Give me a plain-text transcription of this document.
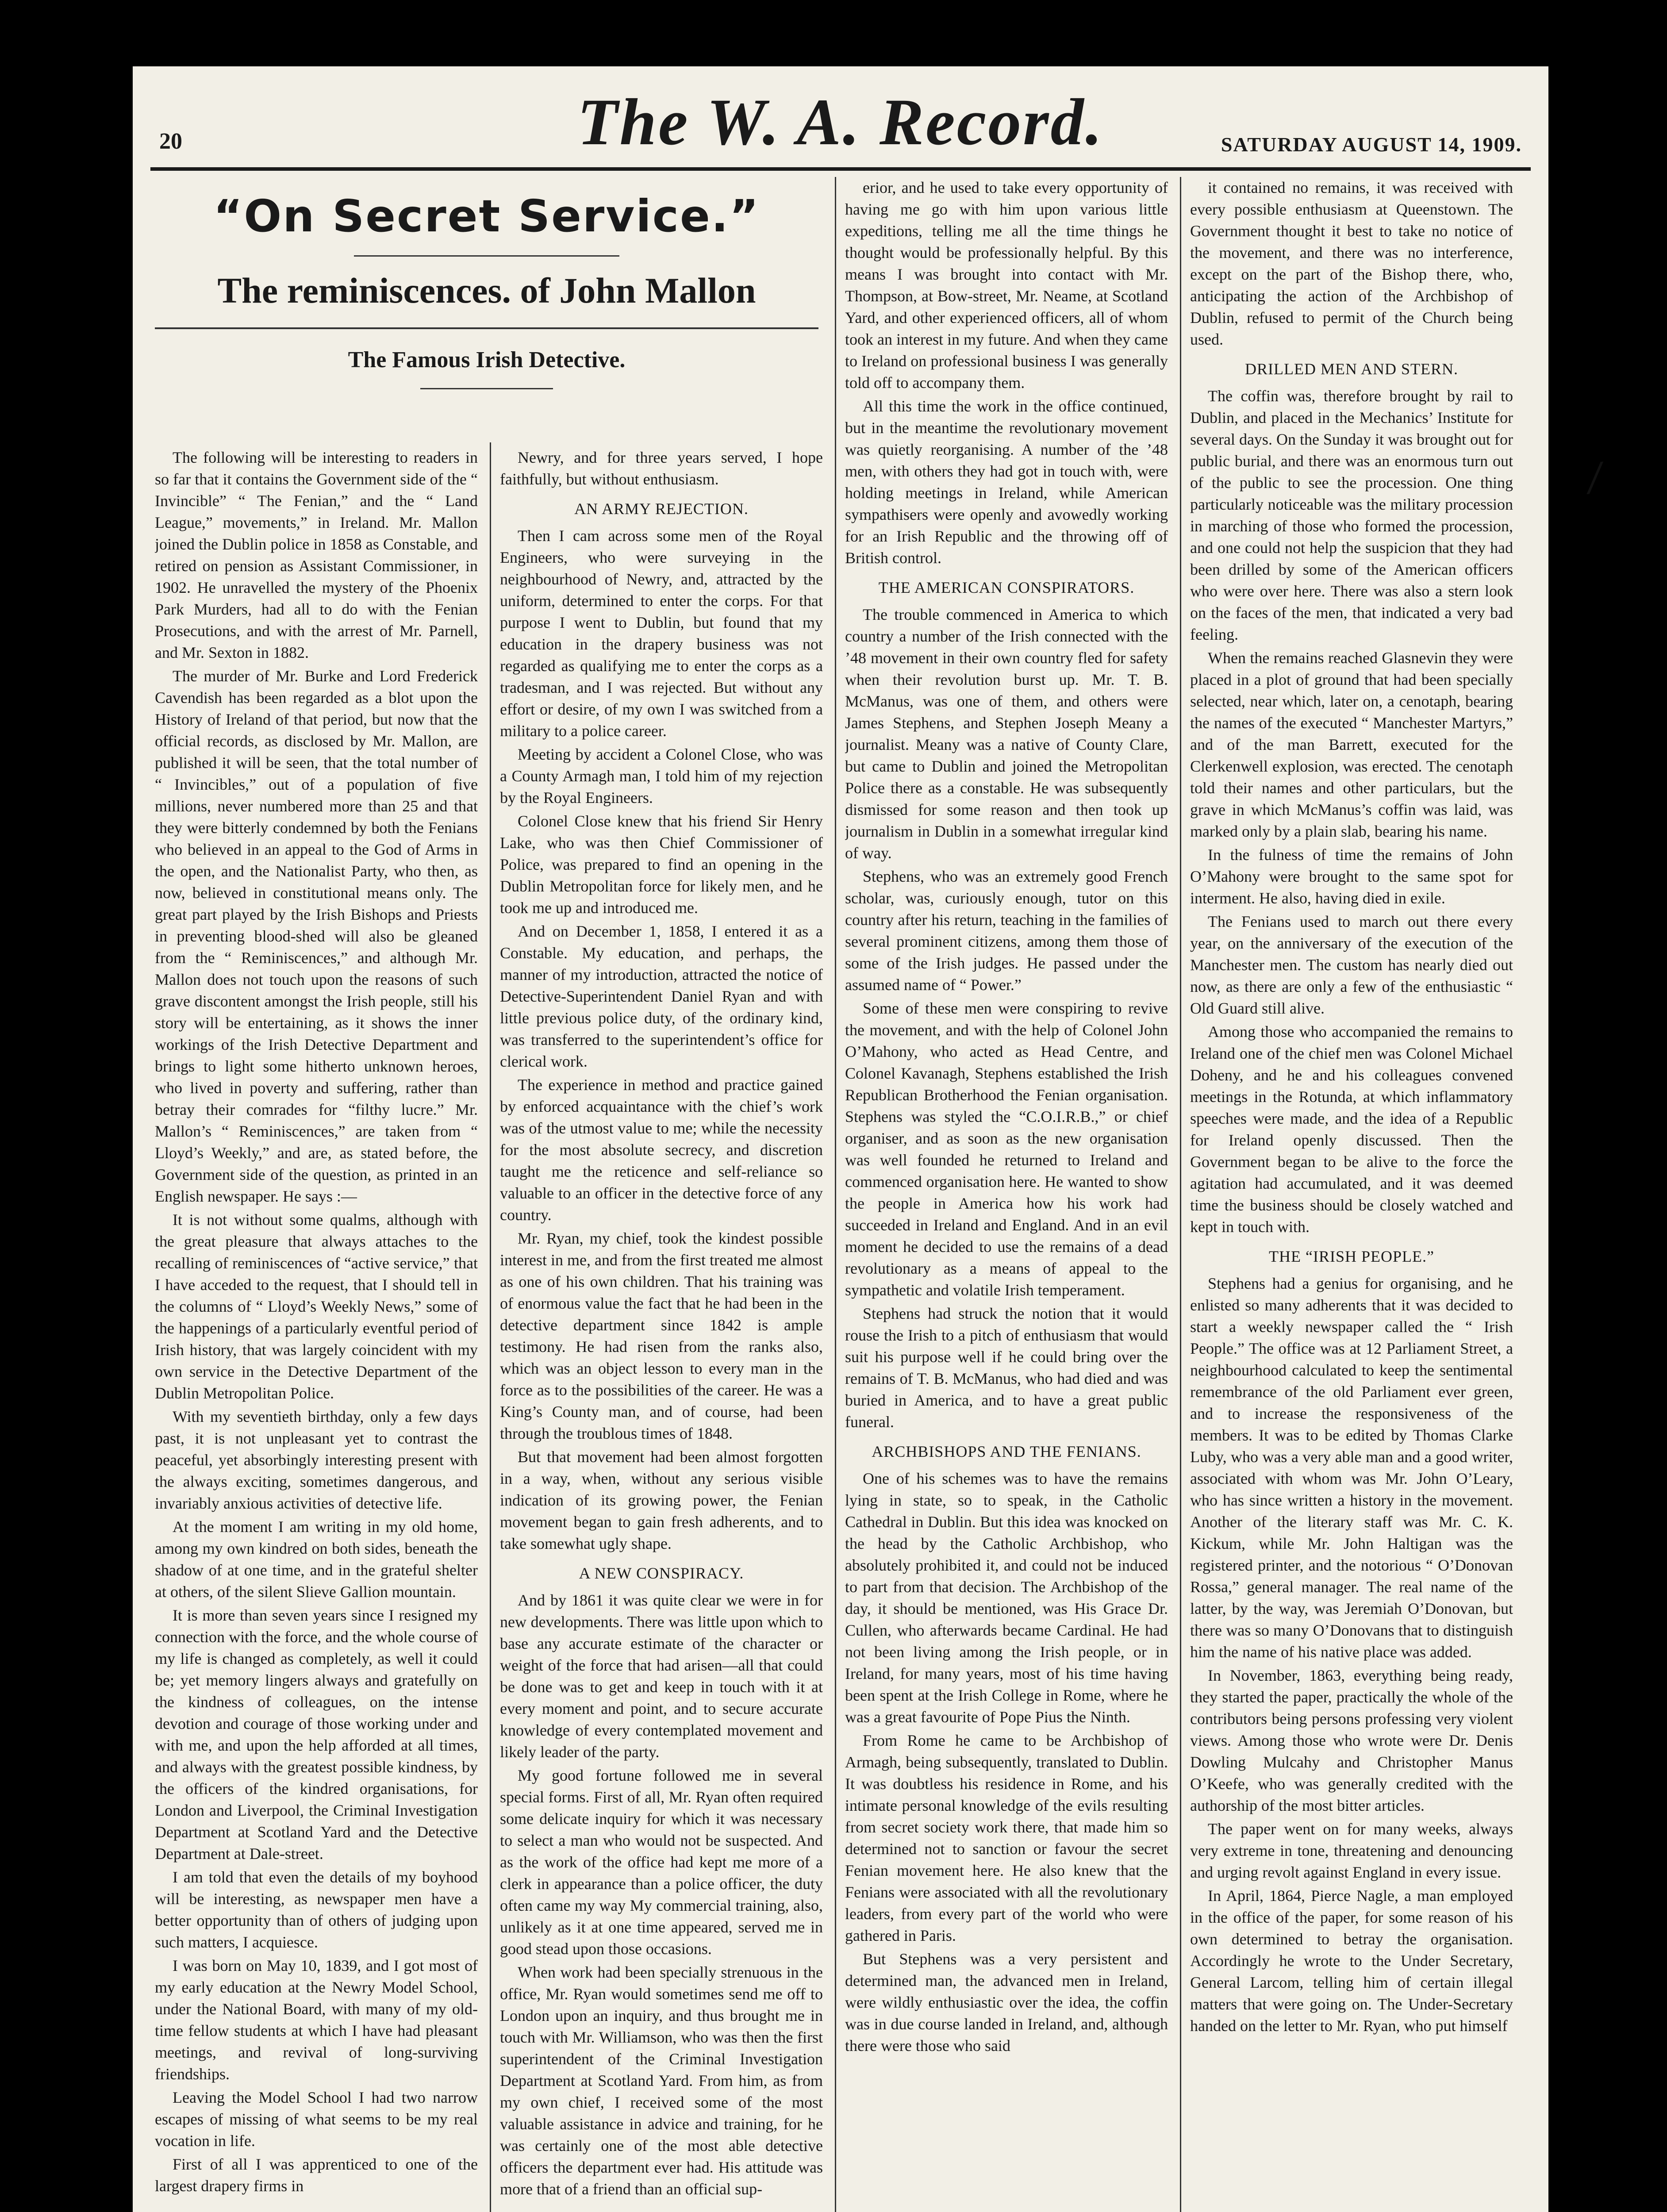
20	The W. A. Record.	SATURDAY AUGUST 14, 1909.
“On Secret Service.”
The reminiscences. of John Mallon
The Famous Irish Detective.

The following will be interesting to readers in so far that it contains the Government side of the “ Invincible” “ The Fenian,” and the “ Land League,” movements,” in Ireland. Mr. Mallon joined the Dublin police in 1858 as Constable, and retired on pension as Assistant Commissioner, in 1902. He unravelled the mystery of the Phoenix Park Murders, had all to do with the Fenian Prosecutions, and with the arrest of Mr. Parnell, and Mr. Sexton in 1882.

The murder of Mr. Burke and Lord Frederick Cavendish has been regarded as a blot upon the History of Ireland of that period, but now that the official records, as disclosed by Mr. Mallon, are published it will be seen, that the total number of “ Invincibles,” out of a population of five millions, never numbered more than 25 and that they were bitterly condemned by both the Fenians who believed in an appeal to the God of Arms in the open, and the Nationalist Party, who then, as now, believed in constitutional means only. The great part played by the Irish Bishops and Priests in preventing blood-shed will also be gleaned from the “ Reminiscences,” and although Mr. Mallon does not touch upon the reasons of such grave discontent amongst the Irish people, still his story will be entertaining, as it shows the inner workings of the Irish Detective Department and brings to light some hitherto unknown heroes, who lived in poverty and suffering, rather than betray their comrades for “filthy lucre.” Mr. Mallon’s “ Reminiscences,” are taken from “ Lloyd’s Weekly,” and are, as stated before, the Government side of the question, as printed in an English newspaper. He says :—

It is not without some qualms, although with the great pleasure that always attaches to the recalling of reminiscences of “active service,” that I have acceded to the request, that I should tell in the columns of “ Lloyd’s Weekly News,” some of the happenings of a particularly eventful period of Irish history, that was largely coincident with my own service in the Detective Department of the Dublin Metropolitan Police.

With my seventieth birthday, only a few days past, it is not unpleasant yet to contrast the peaceful, yet absorbingly interesting present with the always exciting, sometimes dangerous, and invariably anxious activities of detective life.

At the moment I am writing in my old home, among my own kindred on both sides, beneath the shadow of at one time, and in the grateful shelter at others, of the silent Slieve Gallion mountain.

It is more than seven years since I resigned my connection with the force, and the whole course of my life is changed as completely, as well it could be; yet memory lingers always and gratefully on the kindness of colleagues, on the intense devotion and courage of those working under and with me, and upon the help afforded at all times, and always with the greatest possible kindness, by the officers of the kindred organisations, for London and Liverpool, the Criminal Investigation Department at Scotland Yard and the Detective Department at Dale-street.

I am told that even the details of my boyhood will be interesting, as newspaper men have a better opportunity than of others of judging upon such matters, I acquiesce.

I was born on May 10, 1839, and I got most of my early education at the Newry Model School, under the National Board, with many of my old-time fellow students at which I have had pleasant meetings, and revival of long-surviving friendships.

Leaving the Model School I had two narrow escapes of missing of what seems to be my real vocation in life.

First of all I was apprenticed to one of the largest drapery firms in

Newry, and for three years served, I hope faithfully, but without enthusiasm.

AN ARMY REJECTION.

Then I cam across some men of the Royal Engineers, who were surveying in the neighbourhood of Newry, and, attracted by the uniform, determined to enter the corps. For that purpose I went to Dublin, but found that my education in the drapery business was not regarded as qualifying me to enter the corps as a tradesman, and I was rejected. But without any effort or desire, of my own I was switched from a military to a police career.

Meeting by accident a Colonel Close, who was a County Armagh man, I told him of my rejection by the Royal Engineers.

Colonel Close knew that his friend Sir Henry Lake, who was then Chief Commissioner of Police, was prepared to find an opening in the Dublin Metropolitan force for likely men, and he took me up and introduced me.

And on December 1, 1858, I entered it as a Constable. My education, and perhaps, the manner of my introduction, attracted the notice of Detective-Superintendent Daniel Ryan and with little previous police duty, of the ordinary kind, was transferred to the superintendent’s office for clerical work.

The experience in method and practice gained by enforced acquaintance with the chief’s work was of the utmost value to me; while the necessity for the most absolute secrecy, and discretion taught me the reticence and self-reliance so valuable to an officer in the detective force of any country.

Mr. Ryan, my chief, took the kindest possible interest in me, and from the first treated me almost as one of his own children. That his training was of enormous value the fact that he had been in the detective department since 1842 is ample testimony. He had risen from the ranks also, which was an object lesson to every man in the force as to the possibilities of the career. He was a King’s County man, and of course, had been through the troublous times of 1848.

But that movement had been almost forgotten in a way, when, without any serious visible indication of its growing power, the Fenian movement began to gain fresh adherents, and to take somewhat ugly shape.

A NEW CONSPIRACY.

And by 1861 it was quite clear we were in for new developments. There was little upon which to base any accurate estimate of the character or weight of the force that had arisen—all that could be done was to get and keep in touch with it at every moment and point, and to secure accurate knowledge of every contemplated movement and likely leader of the party.

My good fortune followed me in several special forms. First of all, Mr. Ryan often required some delicate inquiry for which it was necessary to select a man who would not be suspected. And as the work of the office had kept me more of a clerk in appearance than a police officer, the duty often came my way My commercial training, also, unlikely as it at one time appeared, served me in good stead upon those occasions.

When work had been specially strenuous in the office, Mr. Ryan would sometimes send me off to London upon an inquiry, and thus brought me in touch with Mr. Williamson, who was then the first superintendent of the Criminal Investigation Department at Scotland Yard. From him, as from my own chief, I received some of the most valuable assistance in advice and training, for he was certainly one of the most able detective officers the department ever had. His attitude was more that of a friend than an official sup-

erior, and he used to take every opportunity of having me go with him upon various little expeditions, telling me all the time things he thought would be professionally helpful. By this means I was brought into contact with Mr. Thompson, at Bow-street, Mr. Neame, at Scotland Yard, and other experienced officers, all of whom took an interest in my future. And when they came to Ireland on professional business I was generally told off to accompany them.

All this time the work in the office continued, but in the meantime the revolutionary movement was quietly reorganising. A number of the ’48 men, with others they had got in touch with, were holding meetings in Ireland, while American sympathisers were openly and avowedly working for an Irish Republic and the throwing off of British control.

THE AMERICAN CONSPIRATORS.

The trouble commenced in America to which country a number of the Irish connected with the ’48 movement in their own country fled for safety when their revolution burst up. Mr. T. B. McManus, was one of them, and others were James Stephens, and Stephen Joseph Meany a journalist. Meany was a native of County Clare, but came to Dublin and joined the Metropolitan Police there as a constable. He was subsequently dismissed for some reason and then took up journalism in Dublin in a somewhat irregular kind of way.

Stephens, who was an extremely good French scholar, was, curiously enough, tutor on this country after his return, teaching in the families of several prominent citizens, among them those of some of the Irish judges. He passed under the assumed name of “ Power.”

Some of these men were conspiring to revive the movement, and with the help of Colonel John O’Mahony, who acted as Head Centre, and Colonel Kavanagh, Stephens established the Irish Republican Brotherhood the Fenian organisation. Stephens was styled the “C.O.I.R.B.,” or chief organiser, and as soon as the new organisation was well founded he returned to Ireland and commenced organisation here. He wanted to show the people in America how his work had succeeded in Ireland and England. And in an evil moment he decided to use the remains of a dead revolutionary as a means of appeal to the sympathetic and volatile Irish temperament.

Stephens had struck the notion that it would rouse the Irish to a pitch of enthusiasm that would suit his purpose well if he could bring over the remains of T. B. McManus, who had died and was buried in America, and to have a great public funeral.

ARCHBISHOPS AND THE FENIANS.

One of his schemes was to have the remains lying in state, so to speak, in the Catholic Cathedral in Dublin. But this idea was knocked on the head by the Catholic Archbishop, who absolutely prohibited it, and could not be induced to part from that decision. The Archbishop of the day, it should be mentioned, was His Grace Dr. Cullen, who afterwards became Cardinal. He had not been living among the Irish people, or in Ireland, for many years, most of his time having been spent at the Irish College in Rome, where he was a great favourite of Pope Pius the Ninth.

From Rome he came to be Archbishop of Armagh, being subsequently, translated to Dublin. It was doubtless his residence in Rome, and his intimate personal knowledge of the evils resulting from secret society work there, that made him so determined not to sanction or favour the secret Fenian movement here. He also knew that the Fenians were associated with all the revolutionary leaders, from every part of the world who were gathered in Paris.

But Stephens was a very persistent and determined man, the advanced men in Ireland, were wildly enthusiastic over the idea, the coffin was in due course landed in Ireland, and, although there were those who said

it contained no remains, it was received with every possible enthusiasm at Queenstown. The Government thought it best to take no notice of the movement, and there was no interference, except on the part of the Bishop there, who, anticipating the action of the Archbishop of Dublin, refused to permit of the Church being used.

DRILLED MEN AND STERN.

The coffin was, therefore brought by rail to Dublin, and placed in the Mechanics’ Institute for several days. On the Sunday it was brought out for public burial, and there was an enormous turn out of the public to see the procession. One thing particularly noticeable was the military procession in marching of those who formed the procession, and one could not help the suspicion that they had been drilled by some of the American officers who were over here. There was also a stern look on the faces of the men, that indicated a very bad feeling.

When the remains reached Glasnevin they were placed in a plot of ground that had been specially selected, near which, later on, a cenotaph, bearing the names of the executed “ Manchester Martyrs,” and of the man Barrett, executed for the Clerkenwell explosion, was erected. The cenotaph told their names and other particulars, but the grave in which McManus’s coffin was laid, was marked only by a plain slab, bearing his name.

In the fulness of time the remains of John O’Mahony were brought to the same spot for interment. He also, having died in exile.

The Fenians used to march out there every year, on the anniversary of the execution of the Manchester men. The custom has nearly died out now, as there are only a few of the enthusiastic “ Old Guard still alive.

Among those who accompanied the remains to Ireland one of the chief men was Colonel Michael Doheny, and he and his colleagues convened meetings in the Rotunda, at which inflammatory speeches were made, and the idea of a Republic for Ireland openly discussed. Then the Government began to be alive to the force the agitation had accumulated, and it was deemed time the business should be closely watched and kept in touch with.

THE “IRISH PEOPLE.”

Stephens had a genius for organising, and he enlisted so many adherents that it was decided to start a weekly newspaper called the “ Irish People.” The office was at 12 Parliament Street, a neighbourhood calculated to keep the sentimental remembrance of the old Parliament ever green, and to increase the responsiveness of the members. It was to be edited by Thomas Clarke Luby, who was a very able man and a good writer, associated with whom was Mr. John O’Leary, who has since written a history in the movement. Another of the literary staff was Mr. C. K. Kickum, while Mr. John Haltigan was the registered printer, and the notorious “ O’Donovan Rossa,” general manager. The real name of the latter, by the way, was Jeremiah O’Donovan, but there was so many O’Donovans that to distinguish him the name of his native place was added.

In November, 1863, everything being ready, they started the paper, practically the whole of the contributors being persons professing very violent views. Among those who wrote were Dr. Denis Dowling Mulcahy and Christopher Manus O’Keefe, who was generally credited with the authorship of the most bitter articles.

The paper went on for many weeks, always very extreme in tone, threatening and denouncing and urging revolt against England in every issue.

In April, 1864, Pierce Nagle, a man employed in the office of the paper, for some reason of his own determined to betray the organisation. Accordingly he wrote to the Under Secretary, General Larcom, telling him of certain illegal matters that were going on. The Under-Secretary handed on the letter to Mr. Ryan, who put himself

⁄
